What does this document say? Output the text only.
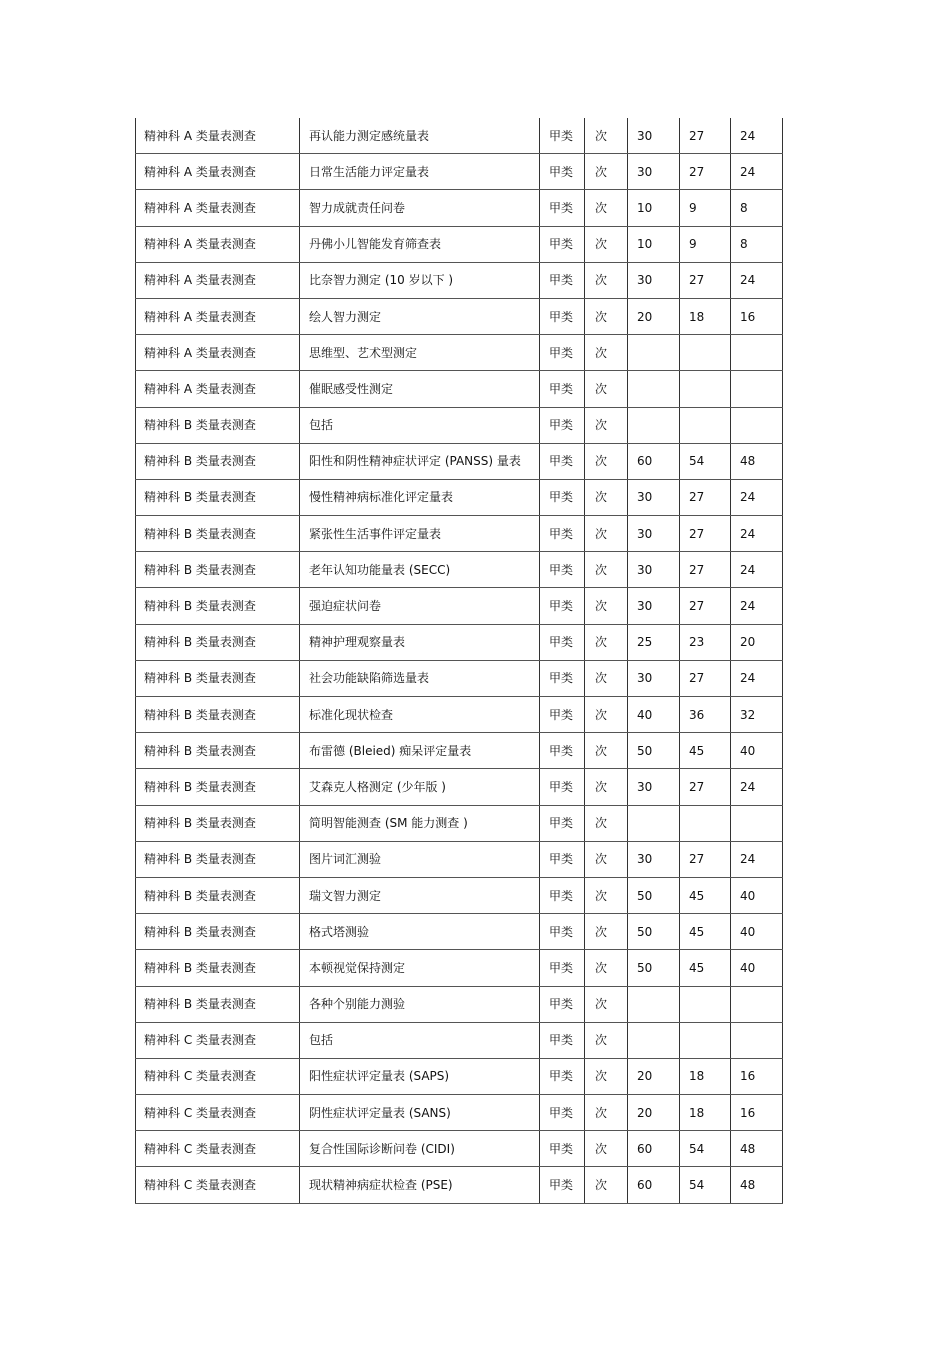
精神科 A 类量表测查	再认能力测定感统量表	甲类	次	30	27	24
精神科 A 类量表测查	日常生活能力评定量表	甲类	次	30	27	24
精神科 A 类量表测查	智力成就责任问卷	甲类	次	10	9	8
精神科 A 类量表测查	丹佛小儿智能发育筛查表	甲类	次	10	9	8
精神科 A 类量表测查	比奈智力测定 (10 岁以下 )	甲类	次	30	27	24
精神科 A 类量表测查	绘人智力测定	甲类	次	20	18	16
精神科 A 类量表测查	思维型、艺术型测定	甲类	次			
精神科 A 类量表测查	催眠感受性测定	甲类	次			
精神科 B 类量表测查	包括	甲类	次			
精神科 B 类量表测查	阳性和阴性精神症状评定 (PANSS) 量表	甲类	次	60	54	48
精神科 B 类量表测查	慢性精神病标准化评定量表	甲类	次	30	27	24
精神科 B 类量表测查	紧张性生活事件评定量表	甲类	次	30	27	24
精神科 B 类量表测查	老年认知功能量表 (SECC)	甲类	次	30	27	24
精神科 B 类量表测查	强迫症状问卷	甲类	次	30	27	24
精神科 B 类量表测查	精神护理观察量表	甲类	次	25	23	20
精神科 B 类量表测查	社会功能缺陷筛选量表	甲类	次	30	27	24
精神科 B 类量表测查	标准化现状检查	甲类	次	40	36	32
精神科 B 类量表测查	布雷德 (Bleied) 痴呆评定量表	甲类	次	50	45	40
精神科 B 类量表测查	艾森克人格测定 (少年版 )	甲类	次	30	27	24
精神科 B 类量表测查	简明智能测查 (SM 能力测查 )	甲类	次			
精神科 B 类量表测查	图片词汇测验	甲类	次	30	27	24
精神科 B 类量表测查	瑞文智力测定	甲类	次	50	45	40
精神科 B 类量表测查	格式塔测验	甲类	次	50	45	40
精神科 B 类量表测查	本顿视觉保持测定	甲类	次	50	45	40
精神科 B 类量表测查	各种个别能力测验	甲类	次			
精神科 C 类量表测查	包括	甲类	次			
精神科 C 类量表测查	阳性症状评定量表 (SAPS)	甲类	次	20	18	16
精神科 C 类量表测查	阴性症状评定量表 (SANS)	甲类	次	20	18	16
精神科 C 类量表测查	复合性国际诊断问卷 (CIDI)	甲类	次	60	54	48
精神科 C 类量表测查	现状精神病症状检查 (PSE)	甲类	次	60	54	48
